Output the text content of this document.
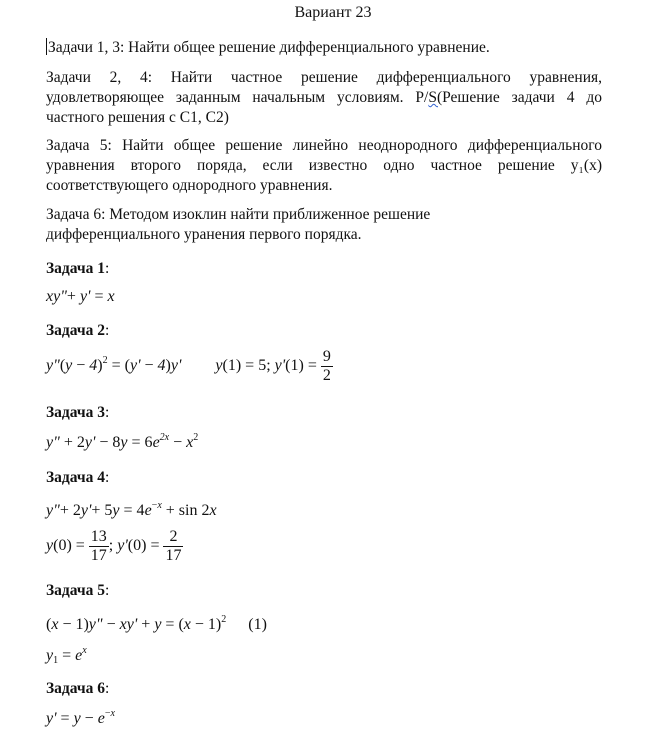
Вариант 23
Задачи 1, 3: Найти общее решение дифференциального уравнение.
Задачи 2, 4: Найти частное решение дифференциального уравнения, удовлетворяющее заданным начальным условиям. P/S(Решение задачи 4 до частного решения с С1, С2)
Задача 5: Найти общее решение линейно неоднородного дифференциального уравнения второго поряда, если известно одно частное решение y₁(x) соответствующего однородного уравнения.
Задача 6: Методом изоклин найти приближенное решение дифференциального уранения первого порядка.
Задача 1:
xy"+ y' = x
Задача 2:
y"(y − 4)$^2$ = (y' − 4)y'  y(1) = 5; $y'(1) = \frac{9}{2}$
Задача 3:
y" + $2y' - 8y = 6e^{2x} - x^2$
Задача 4:
y"+ $2y'+ 5y = 4e^{-x} + \sin 2x$
$y(0) = \frac{13}{17}$ ; $y'(0) = \frac{2}{17}$
Задача 5:
(x − 1)y" − $xy' + y = (x - 1)^2$ (1)
$y_1 = e^x$
Задача 6:
$y' = y - e^{-x}$
